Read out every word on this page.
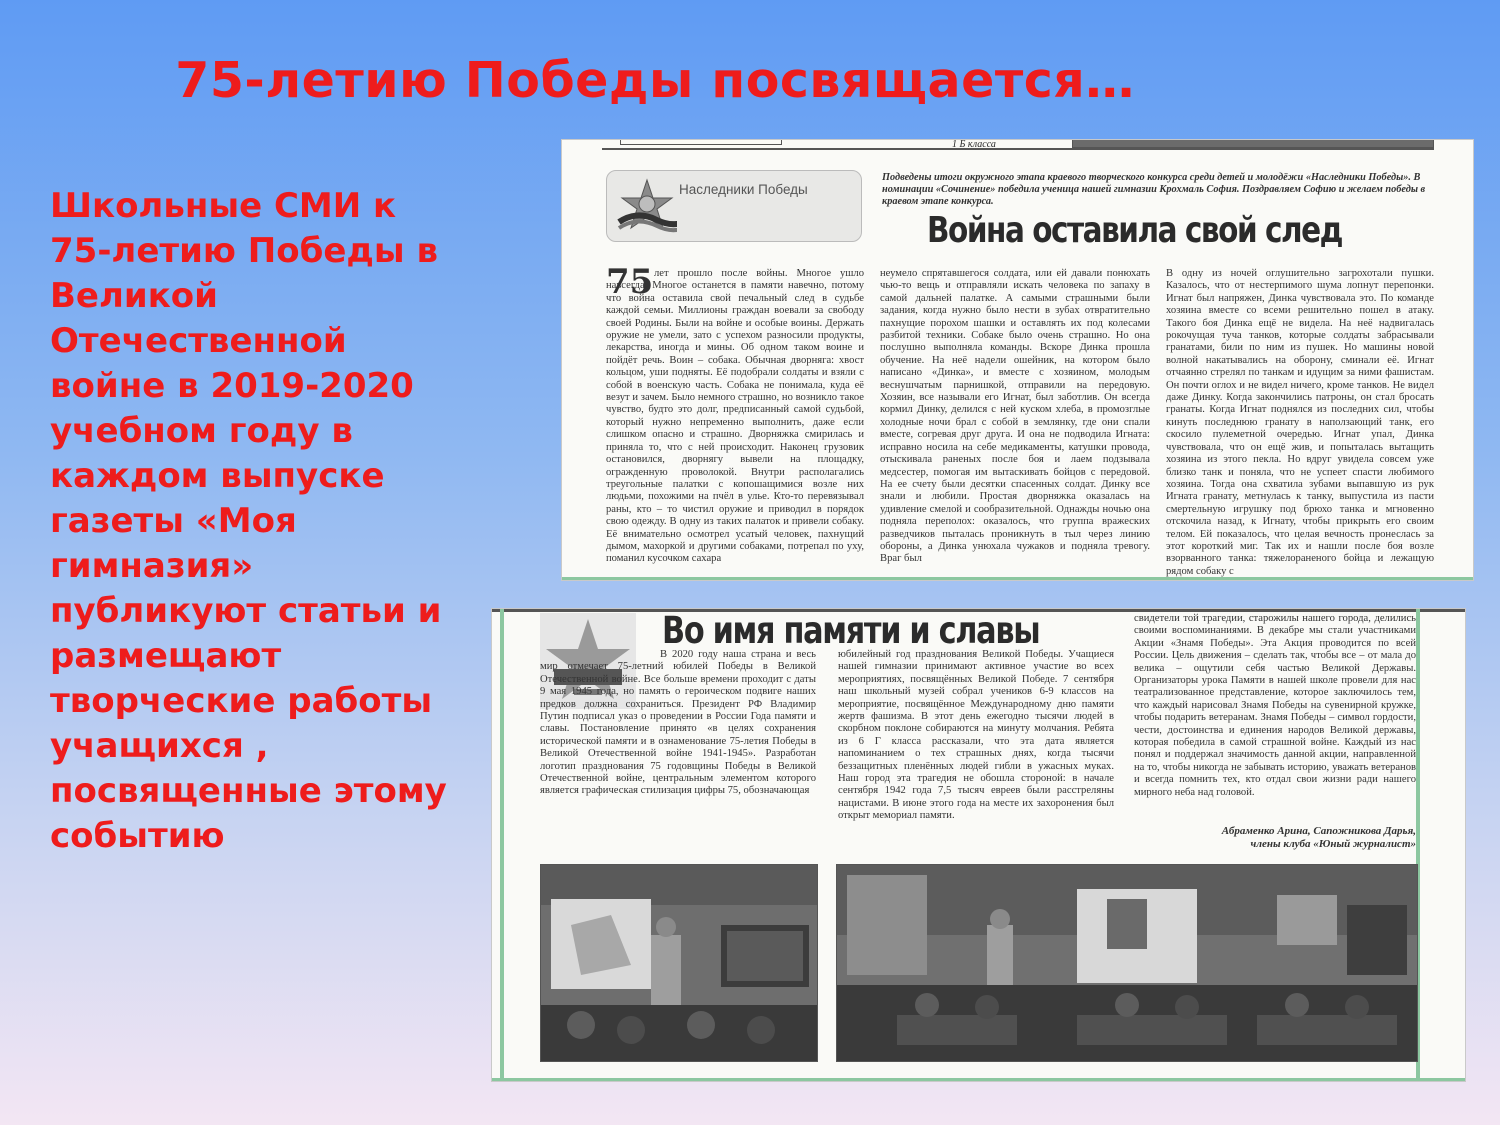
75-летию Победы посвящается…
Школьные СМИ к
75-летию Победы в
Великой
Отечественной
войне в 2019-2020
учебном году в
каждом выпуске
газеты «Моя
гимназия»
публикуют статьи и
размещают
творческие работы
учащихся ,
посвященные этому
событию
1 Б класса
Наследники Победы
Подведены итоги окружного этапа краевого творческого конкурса среди детей и молодёжи «Наследники Победы». В номинации «Сочинение» победила ученица нашей гимназии Крохмаль София. Поздравляем Софию и желаем победы в краевом этапе конкурса.
Война оставила свой след
75 лет прошло после войны. Многое ушло навсегда. Многое останется в памяти навечно, потому что война оставила свой печальный след в судьбе каждой семьи. Миллионы граждан воевали за свободу своей Родины. Были на войне и особые воины. Держать оружие не умели, зато с успехом разносили продукты, лекарства, иногда и мины. Об одном таком воине и пойдёт речь. Воин – собака. Обычная дворняга: хвост кольцом, уши подняты. Её подобрали солдаты и взяли с собой в военскую часть. Собака не понимала, куда её везут и зачем. Было немного страшно, но возникло такое чувство, будто это долг, предписанный самой судьбой, который нужно непременно выполнить, даже если слишком опасно и страшно. Дворняжка смирилась и приняла то, что с ней происходит. Наконец грузовик остановился, дворнягу вывели на площадку, огражденную проволокой. Внутри располагались треугольные палатки с копошащимися возле них людьми, похожими на пчёл в улье. Кто-то перевязывал раны, кто – то чистил оружие и приводил в порядок свою одежду. В одну из таких палаток и привели собаку. Её внимательно осмотрел усатый человек, пахнущий дымом, махоркой и другими собаками, потрепал по уху, поманил кусочком сахара
неумело спрятавшегося солдата, или ей давали понюхать чью-то вещь и отправляли искать человека по запаху в самой дальней палатке. А самыми страшными были задания, когда нужно было нести в зубах отвратительно пахнущие порохом шашки и оставлять их под колесами разбитой техники. Собаке было очень страшно. Но она послушно выполняла команды. Вскоре Динка прошла обучение. На неё надели ошейник, на котором было написано «Динка», и вместе с хозяином, молодым веснушчатым парнишкой, отправили на передовую. Хозяин, все называли его Игнат, был заботлив. Он всегда кормил Динку, делился с ней куском хлеба, в промозглые холодные ночи брал с собой в землянку, где они спали вместе, согревая друг друга. И она не подводила Игната: исправно носила на себе медикаменты, катушки провода, отыскивала раненых после боя и лаем подзывала медсестер, помогая им вытаскивать бойцов с передовой. На ее счету были десятки спасенных солдат. Динку все знали и любили. Простая дворняжка оказалась на удивление смелой и сообразительной. Однажды ночью она подняла переполох: оказалось, что группа вражеских разведчиков пыталась проникнуть в тыл через линию обороны, а Динка унюхала чужаков и подняла тревогу. Враг был
В одну из ночей оглушительно загрохотали пушки. Казалось, что от нестерпимого шума лопнут перепонки. Игнат был напряжен, Динка чувствовала это. По команде хозяина вместе со всеми решительно пошел в атаку. Такого боя Динка ещё не видела. На неё надвигалась рокочущая туча танков, которые солдаты забрасывали гранатами, били по ним из пушек. Но машины новой волной накатывались на оборону, сминали её. Игнат отчаянно стрелял по танкам и идущим за ними фашистам. Он почти оглох и не видел ничего, кроме танков. Не видел даже Динку. Когда закончились патроны, он стал бросать гранаты. Когда Игнат поднялся из последних сил, чтобы кинуть последнюю гранату в наползающий танк, его скосило пулеметной очередью. Игнат упал, Динка чувствовала, что он ещё жив, и попыталась вытащить хозяина из этого пекла. Но вдруг увидела совсем уже близко танк и поняла, что не успеет спасти любимого хозяина. Тогда она схватила зубами выпавшую из рук Игната гранату, метнулась к танку, выпустила из пасти смертельную игрушку под брюхо танка и мгновенно отскочила назад, к Игнату, чтобы прикрыть его своим телом. Ей показалось, что целая вечность пронеслась за этот короткий миг. Так их и нашли после боя возле взорванного танка: тяжелораненого бойца и лежащую рядом собаку с
Во имя памяти и славы
В 2020 году наша страна и весь мир отмечает 75-летний юбилей Победы в Великой Отечественной войне. Все больше времени проходит с даты 9 мая 1945 года, но память о героическом подвиге наших предков должна сохраниться. Президент РФ Владимир Путин подписал указ о проведении в России Года памяти и славы. Постановление принято «в целях сохранения исторической памяти и в ознаменование 75-летия Победы в Великой Отечественной войне 1941-1945». Разработан логотип празднования 75 годовщины Победы в Великой Отечественной войне, центральным элементом которого является графическая стилизация цифры 75, обозначающая
юбилейный год празднования Великой Победы. Учащиеся нашей гимназии принимают активное участие во всех мероприятиях, посвящённых Великой Победе. 7 сентября наш школьный музей собрал учеников 6-9 классов на мероприятие, посвящённое Международному дню памяти жертв фашизма. В этот день ежегодно тысячи людей в скорбном поклоне собираются на минуту молчания. Ребята из 6 Г класса рассказали, что эта дата является напоминанием о тех страшных днях, когда тысячи беззащитных пленённых людей гибли в ужасных муках. Наш город эта трагедия не обошла стороной: в начале сентября 1942 года 7,5 тысяч евреев были расстреляны нацистами. В июне этого года на месте их захоронения был открыт мемориал памяти.
свидетели той трагедии, старожилы нашего города, делились своими воспоминаниями. В декабре мы стали участниками Акции «Знамя Победы». Эта Акция проводится по всей России. Цель движения – сделать так, чтобы все – от мала до велика – ощутили себя частью Великой Державы. Организаторы урока Памяти в нашей школе провели для нас театрализованное представление, которое заключилось тем, что каждый нарисовал Знамя Победы на сувенирной кружке, чтобы подарить ветеранам. Знамя Победы – символ гордости, чести, достоинства и единения народов Великой державы, которая победила в самой страшной войне. Каждый из нас понял и поддержал значимость данной акции, направленной на то, чтобы никогда не забывать историю, уважать ветеранов и всегда помнить тех, кто отдал свои жизни ради нашего мирного неба над головой.
Абраменко Арина, Сапожникова Дарья,
члены клуба «Юный журналист»
